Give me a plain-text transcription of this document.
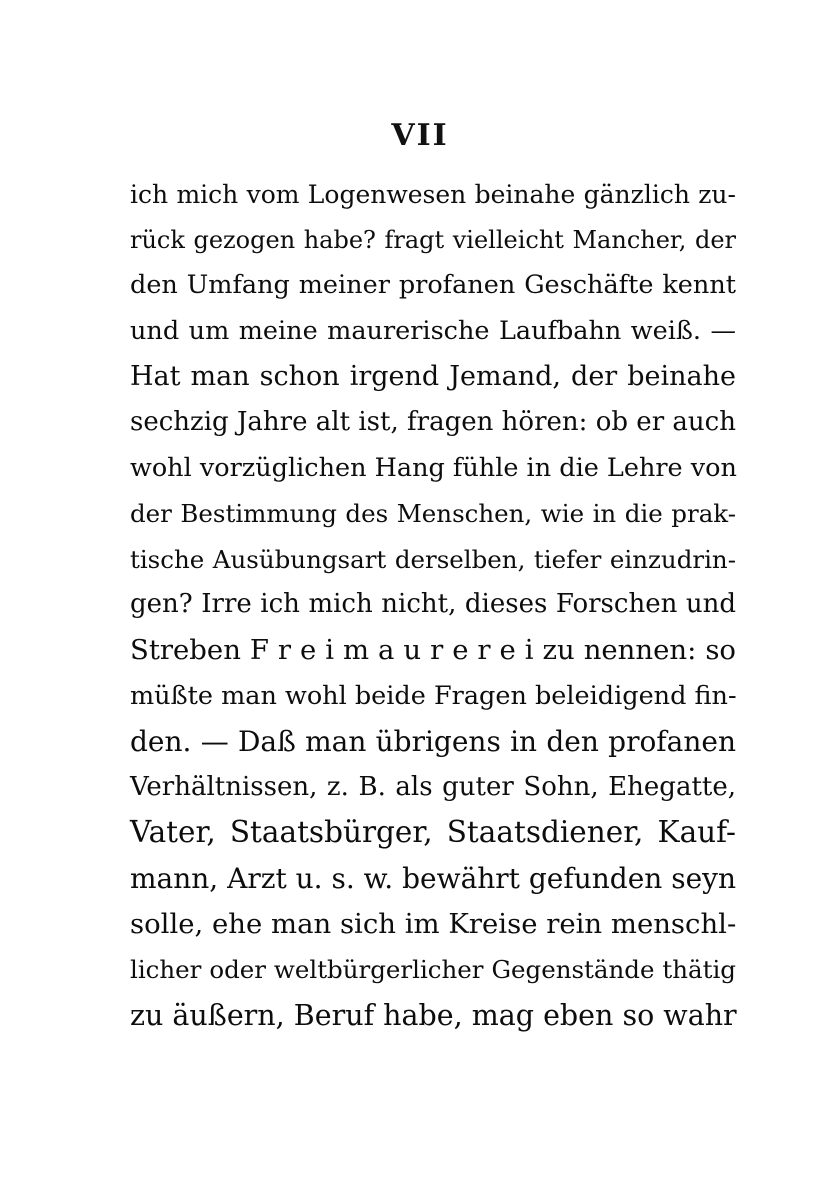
VII
ich mich vom Logenwesen beinahe gänzlich zu-
rück gezogen habe? fragt vielleicht Mancher, der
den Umfang meiner profanen Geschäfte kennt
und um meine maurerische Laufbahn weiß. —
Hat man schon irgend Jemand, der beinahe
sechzig Jahre alt ist, fragen hören: ob er auch
wohl vorzüglichen Hang fühle in die Lehre von
der Bestimmung des Menschen, wie in die prak-
tische Ausübungsart derselben, tiefer einzudrin-
gen? Irre ich mich nicht, dieses Forschen und
Streben F r e i m a u r e r e i zu nennen: so
müßte man wohl beide Fragen beleidigend fin-
den. — Daß man übrigens in den profanen
Verhältnissen, z. B. als guter Sohn, Ehegatte,
Vater, Staatsbürger, Staatsdiener, Kauf-
mann, Arzt u. s. w. bewährt gefunden seyn
solle, ehe man sich im Kreise rein menschl-
licher oder weltbürgerlicher Gegenstände thätig
zu äußern, Beruf habe, mag eben so wahr
